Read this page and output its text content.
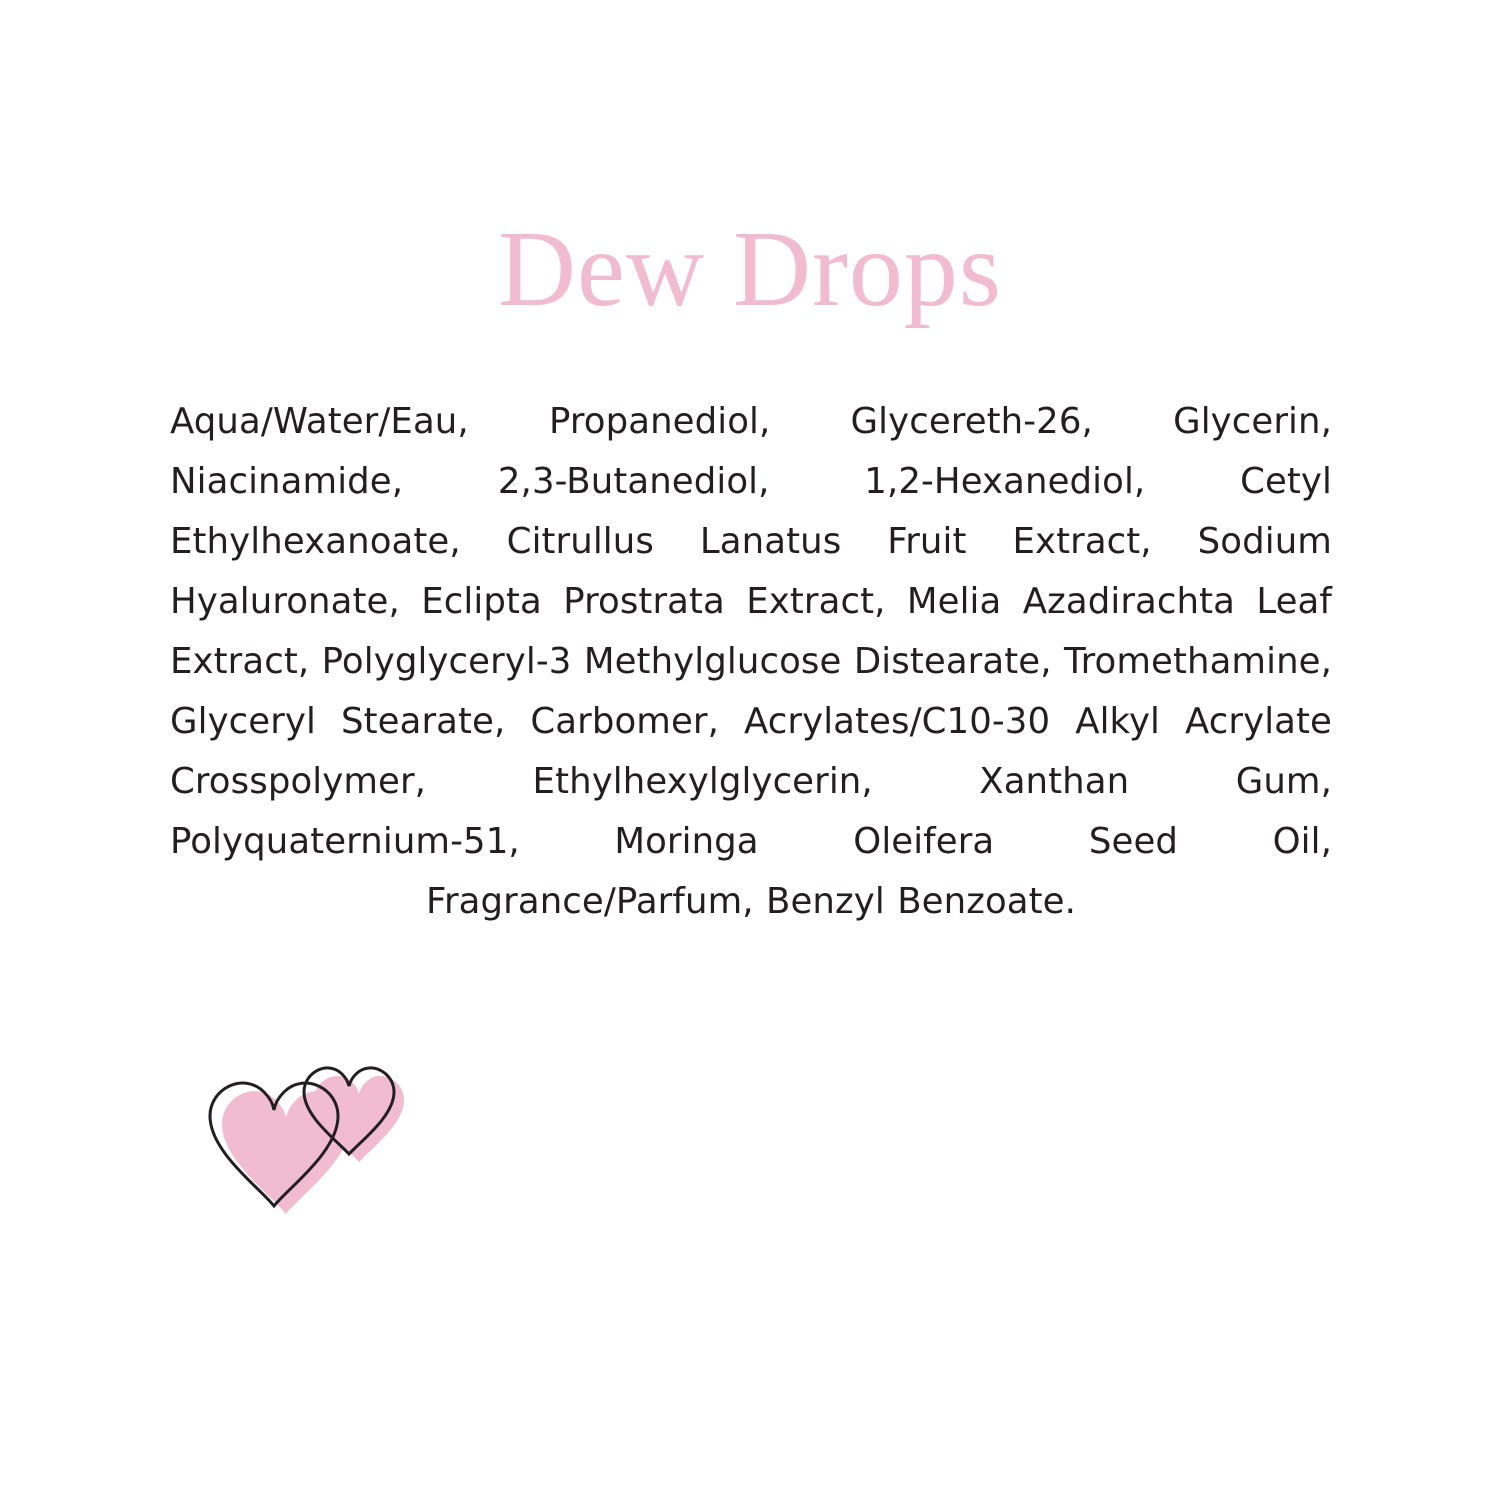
Dew Drops
Aqua/Water/Eau, Propanediol, Glycereth-26, Glycerin, Niacinamide, 2,3-Butanediol, 1,2-Hexanediol, Cetyl Ethylhexanoate, Citrullus Lanatus Fruit Extract, Sodium Hyaluronate, Eclipta Prostrata Extract, Melia Azadirachta Leaf Extract, Polyglyceryl-3 Methylglucose Distearate, Tromethamine, Glyceryl Stearate, Carbomer, Acrylates/C10-30 Alkyl Acrylate Crosspolymer, Ethylhexylglycerin, Xanthan Gum, Polyquaternium-51, Moringa Oleifera Seed Oil, Fragrance/Parfum, Benzyl Benzoate.
